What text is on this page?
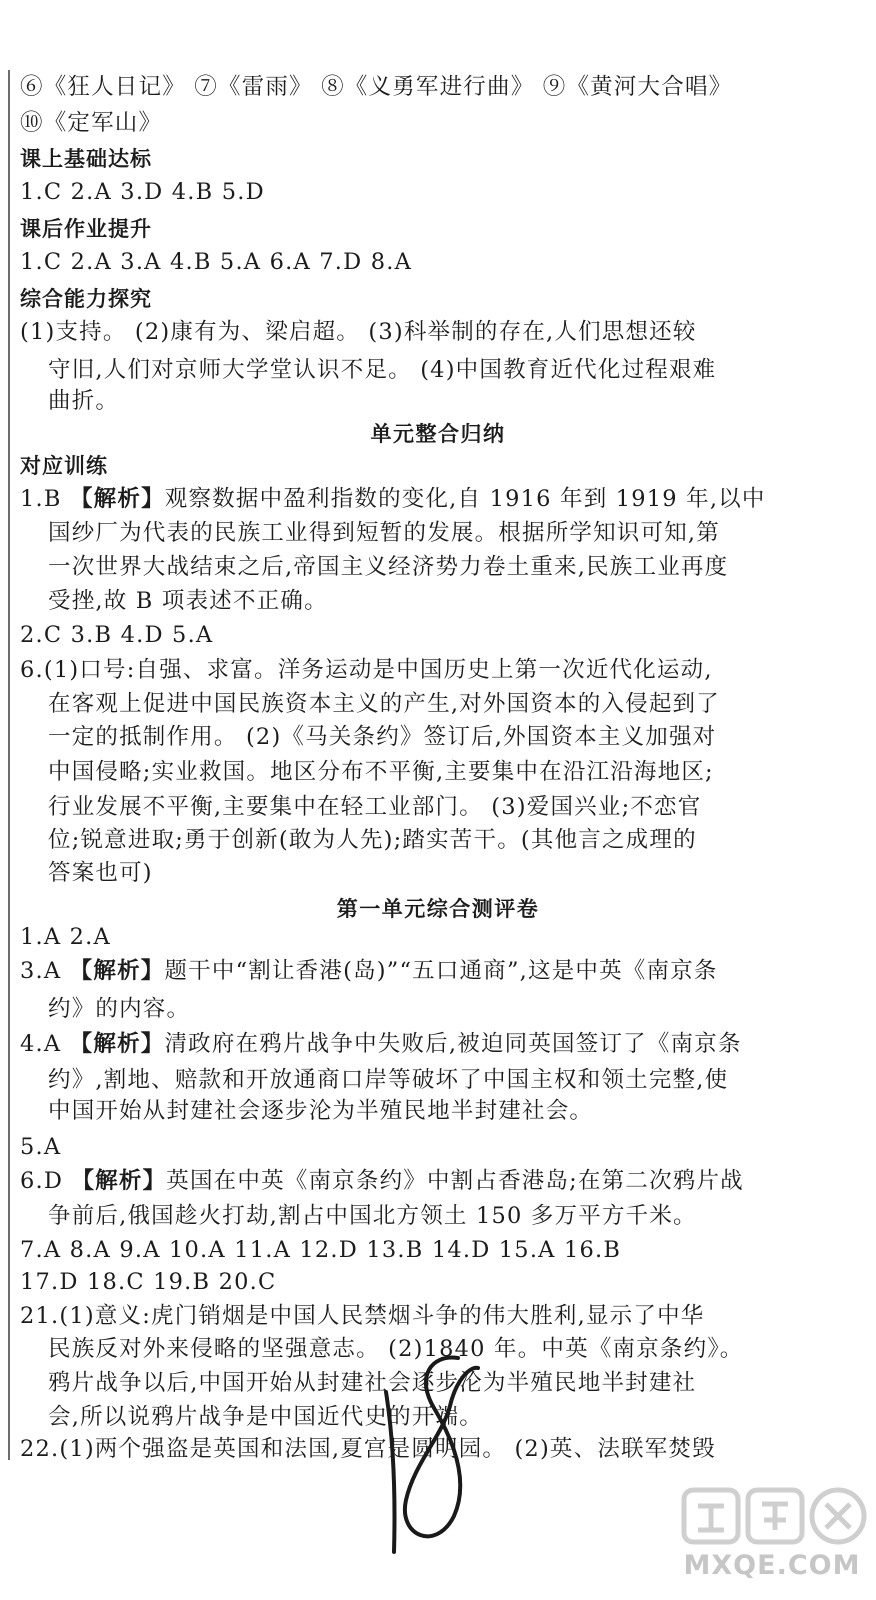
⑥《狂人日记》 ⑦《雷雨》 ⑧《义勇军进行曲》 ⑨《黄河大合唱》
⑩《定军山》
课上基础达标
1.C 2.A 3.D 4.B 5.D
课后作业提升
1.C 2.A 3.A 4.B 5.A 6.A 7.D 8.A
综合能力探究
(1)支持。 (2)康有为、梁启超。 (3)科举制的存在,人们思想还较
守旧,人们对京师大学堂认识不足。 (4)中国教育近代化过程艰难
曲折。
单元整合归纳
对应训练
1.B 【解析】观察数据中盈利指数的变化,自 1916 年到 1919 年,以中
国纱厂为代表的民族工业得到短暂的发展。根据所学知识可知,第
一次世界大战结束之后,帝国主义经济势力卷土重来,民族工业再度
受挫,故 B 项表述不正确。
2.C 3.B 4.D 5.A
6.(1)口号:自强、求富。洋务运动是中国历史上第一次近代化运动,
在客观上促进中国民族资本主义的产生,对外国资本的入侵起到了
一定的抵制作用。 (2)《马关条约》签订后,外国资本主义加强对
中国侵略;实业救国。地区分布不平衡,主要集中在沿江沿海地区;
行业发展不平衡,主要集中在轻工业部门。 (3)爱国兴业;不恋官
位;锐意进取;勇于创新(敢为人先);踏实苦干。(其他言之成理的
答案也可)
第一单元综合测评卷
1.A 2.A
3.A 【解析】题干中“割让香港(岛)”“五口通商”,这是中英《南京条
约》的内容。
4.A 【解析】清政府在鸦片战争中失败后,被迫同英国签订了《南京条
约》,割地、赔款和开放通商口岸等破坏了中国主权和领土完整,使
中国开始从封建社会逐步沦为半殖民地半封建社会。
5.A
6.D 【解析】英国在中英《南京条约》中割占香港岛;在第二次鸦片战
争前后,俄国趁火打劫,割占中国北方领土 150 多万平方千米。
7.A 8.A 9.A 10.A 11.A 12.D 13.B 14.D 15.A 16.B
17.D 18.C 19.B 20.C
21.(1)意义:虎门销烟是中国人民禁烟斗争的伟大胜利,显示了中华
民族反对外来侵略的坚强意志。 (2)1840 年。中英《南京条约》。
鸦片战争以后,中国开始从封建社会逐步沦为半殖民地半封建社
会,所以说鸦片战争是中国近代史的开端。
22.(1)两个强盗是英国和法国,夏宫是圆明园。 (2)英、法联军焚毁
MXQE.COM
